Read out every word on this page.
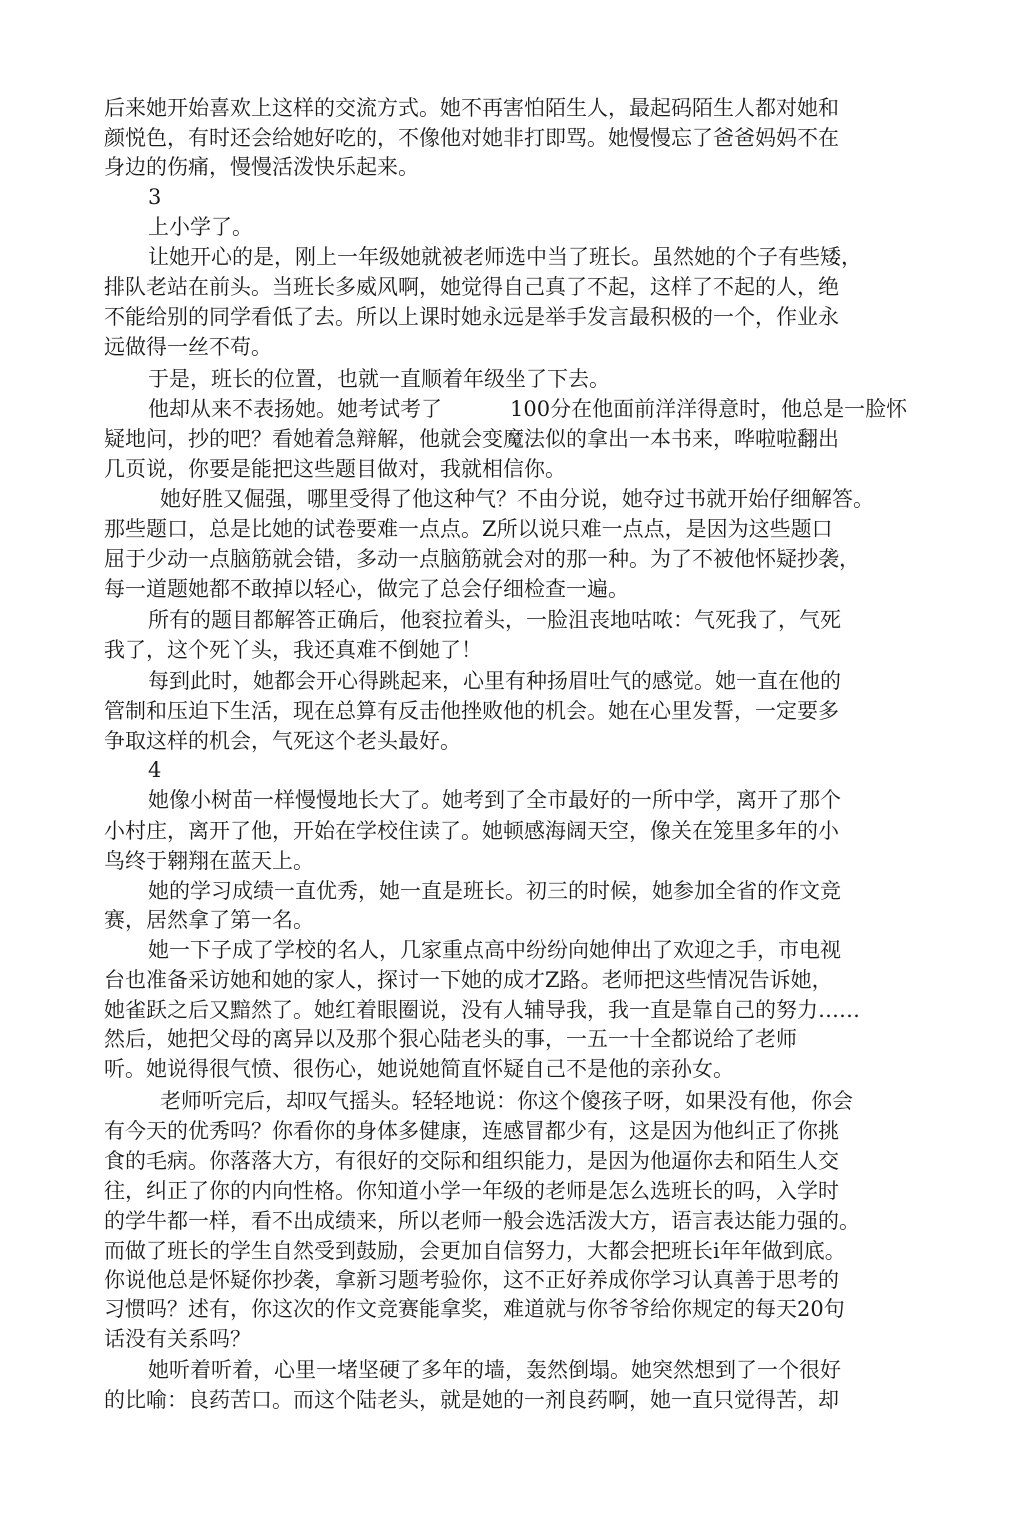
后来她开始喜欢上这样的交流方式。她不再害怕陌生人，最起码陌生人都对她和

颜悦色，有时还会给她好吃的，不像他对她非打即骂。她慢慢忘了爸爸妈妈不在

身边的伤痛，慢慢活泼快乐起来。

3

上小学了。

让她开心的是，刚上一年级她就被老师选中当了班长。虽然她的个子有些矮，

排队老站在前头。当班长多威风啊，她觉得自己真了不起，这样了不起的人，绝

不能给别的同学看低了去。所以上课时她永远是举手发言最积极的一个，作业永

远做得一丝不苟。

于是，班长的位置，也就一直顺着年级坐了下去。

他却从来不表扬她。她考试考了	100分在他面前洋洋得意时，他总是一脸怀

疑地问，抄的吧？看她着急辩解，他就会变魔法似的拿出一本书来，哗啦啦翻出

几页说，你要是能把这些题目做对，我就相信你。

她好胜又倔强，哪里受得了他这种气？不由分说，她夺过书就开始仔细解答。

那些题口，总是比她的试卷要难一点点。Z所以说只难一点点，是因为这些题口

屈于少动一点脑筋就会错，多动一点脑筋就会对的那一种。为了不被他怀疑抄袭，

每一道题她都不敢掉以轻心，做完了总会仔细检查一遍。

所有的题目都解答正确后，他衮拉着头，一脸沮丧地咕哝：气死我了，气死

我了，这个死丫头，我还真难不倒她了！

每到此时，她都会开心得跳起来，心里有种扬眉吐气的感觉。她一直在他的

管制和压迫下生活，现在总算有反击他挫败他的机会。她在心里发誓，一定要多

争取这样的机会，气死这个老头最好。

4

她像小树苗一样慢慢地长大了。她考到了全市最好的一所中学，离开了那个

小村庄，离开了他，开始在学校住读了。她顿感海阔天空，像关在笼里多年的小

鸟终于翱翔在蓝天上。

她的学习成绩一直优秀，她一直是班长。初三的时候，她参加全省的作文竞

赛，居然拿了第一名。

她一下子成了学校的名人，几家重点高中纷纷向她伸出了欢迎之手，市电视

台也准备采访她和她的家人，探讨一下她的成才Z路。老师把这些情况告诉她，

她雀跃之后又黯然了。她红着眼圈说，没有人辅导我，我一直是靠自己的努力……

然后，她把父母的离异以及那个狠心陆老头的事，一五一十全都说给了老师

听。她说得很气愤、很伤心，她说她简直怀疑自己不是他的亲孙女。

老师听完后，却叹气摇头。轻轻地说：你这个傻孩子呀，如果没有他，你会

有今天的优秀吗？你看你的身体多健康，连感冒都少有，这是因为他纠正了你挑

食的毛病。你落落大方，有很好的交际和组织能力，是因为他逼你去和陌生人交

往，纠正了你的内向性格。你知道小学一年级的老师是怎么选班长的吗，入学时

的学牛都一样，看不出成绩来，所以老师一般会选活泼大方，语言表达能力强的。

而做了班长的学生自然受到鼓励，会更加自信努力，大都会把班长i年年做到底。

你说他总是怀疑你抄袭，拿新习题考验你，这不正好养成你学习认真善于思考的

习惯吗？述有，你这次的作文竞赛能拿奖，难道就与你爷爷给你规定的每天20句

话没有关系吗？

她听着听着，心里一堵坚硬了多年的墙，轰然倒塌。她突然想到了一个很好

的比喻：良药苦口。而这个陆老头，就是她的一剂良药啊，她一直只觉得苦，却
